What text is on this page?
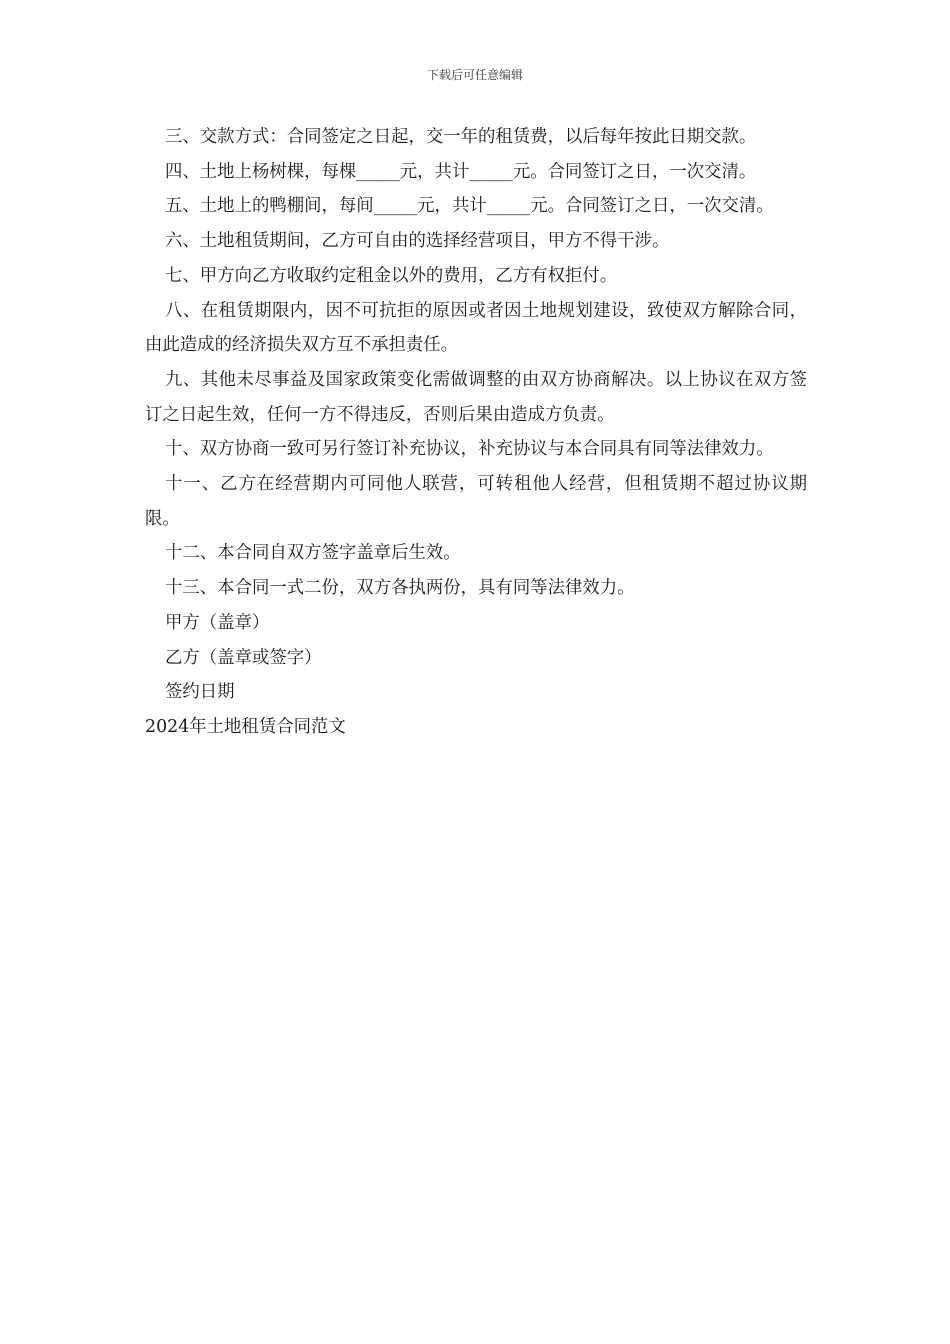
下载后可任意编辑

三、交款方式：合同签定之日起，交一年的租赁费，以后每年按此日期交款。

四、土地上杨树棵，每棵_____元，共计_____元。合同签订之日，一次交清。

五、土地上的鸭棚间，每间_____元，共计_____元。合同签订之日，一次交清。

六、土地租赁期间，乙方可自由的选择经营项目，甲方不得干涉。

七、甲方向乙方收取约定租金以外的费用，乙方有权拒付。

八、在租赁期限内，因不可抗拒的原因或者因土地规划建设，致使双方解除合同，由此造成的经济损失双方互不承担责任。

九、其他未尽事益及国家政策变化需做调整的由双方协商解决。以上协议在双方签订之日起生效，任何一方不得违反，否则后果由造成方负责。

十、双方协商一致可另行签订补充协议，补充协议与本合同具有同等法律效力。

十一、乙方在经营期内可同他人联营，可转租他人经营，但租赁期不超过协议期限。

十二、本合同自双方签字盖章后生效。

十三、本合同一式二份，双方各执两份，具有同等法律效力。

甲方（盖章）

乙方（盖章或签字）

签约日期

2024年土地租赁合同范文
